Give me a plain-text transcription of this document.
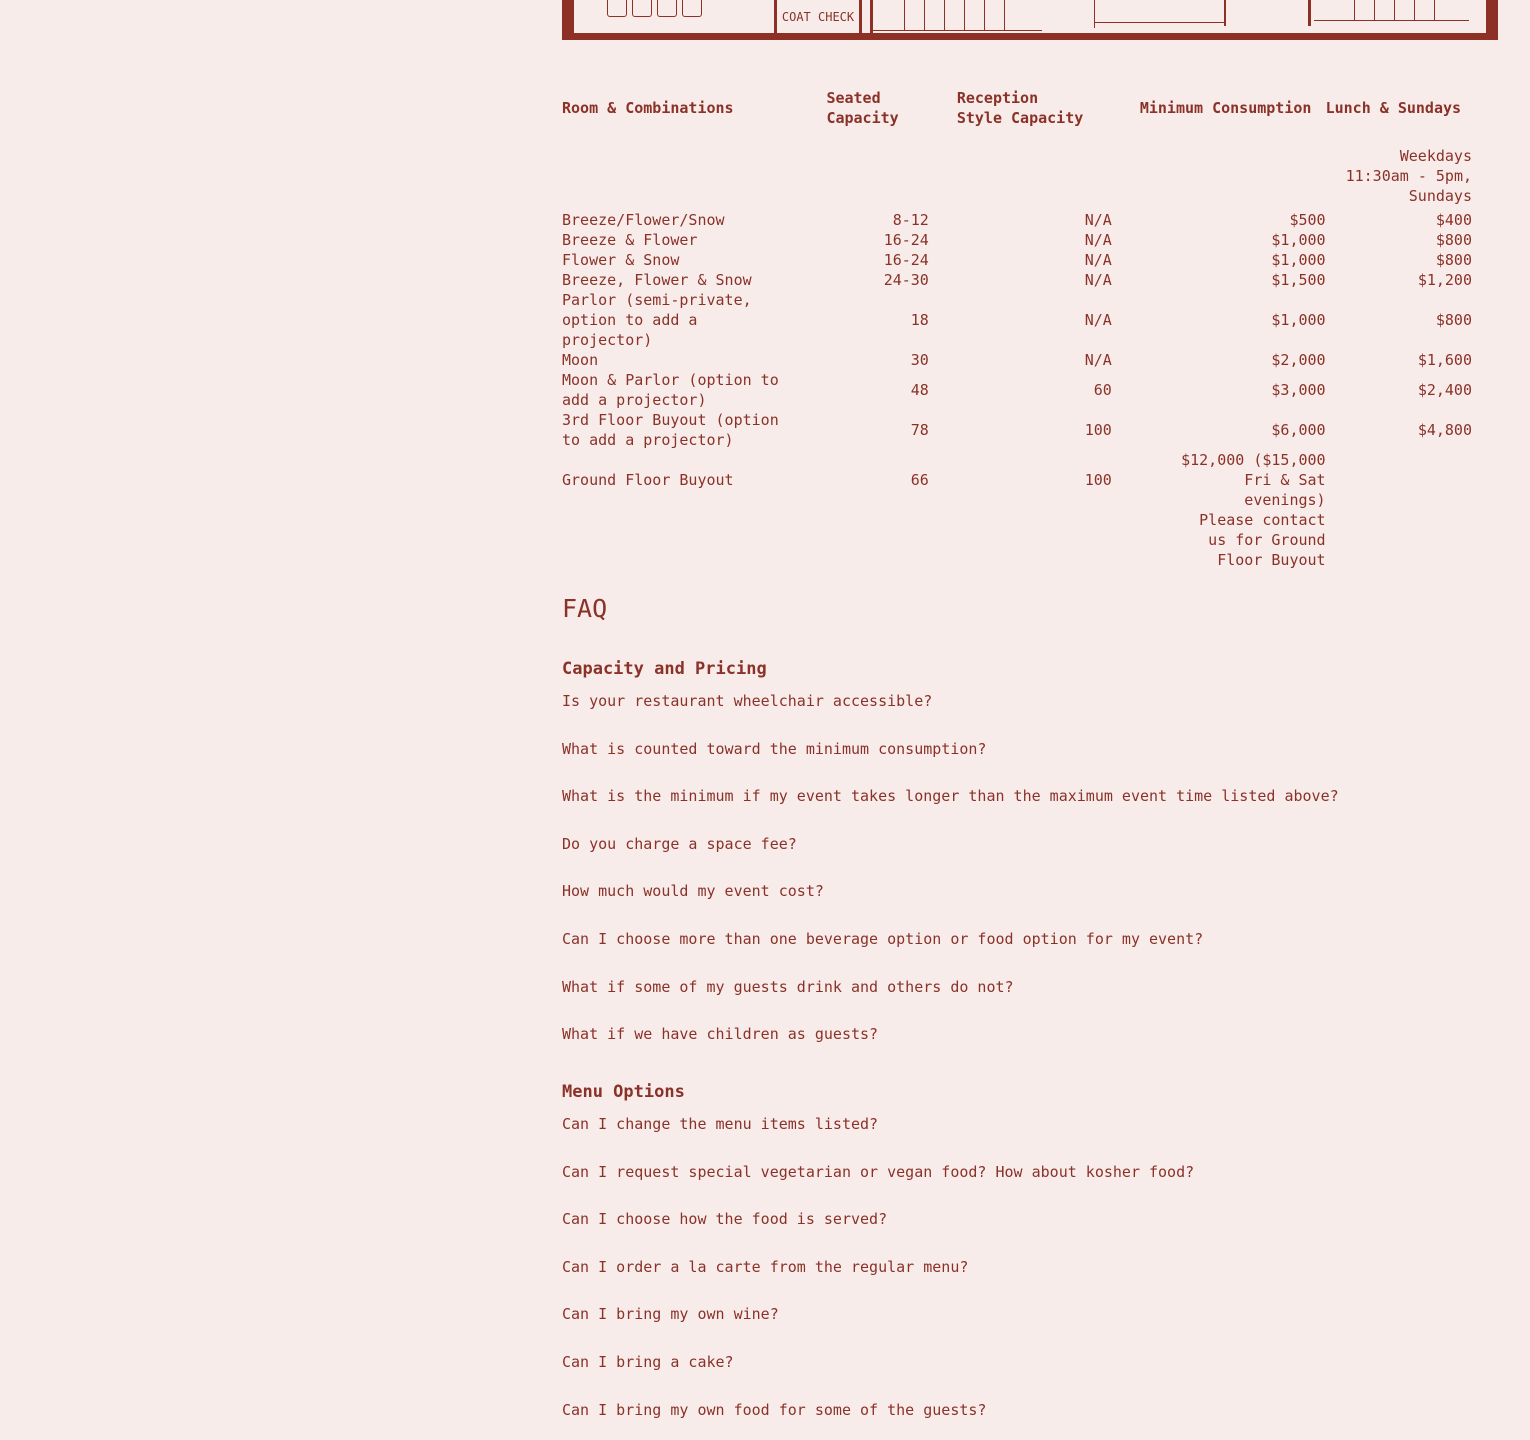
COAT CHECK
Room & Combinations	Seated Capacity	Reception Style Capacity	Minimum Consumption	Lunch & Sundays
				Weekdays 11:30am - 5pm, Sundays
Breeze/Flower/Snow	8-12	N/A	$500	$400
Breeze & Flower	16-24	N/A	$1,000	$800
Flower & Snow	16-24	N/A	$1,000	$800
Breeze, Flower & Snow	24-30	N/A	$1,500	$1,200
Parlor (semi-private, option to add a projector)	18	N/A	$1,000	$800
Moon	30	N/A	$2,000	$1,600
Moon & Parlor (option to add a projector)	48	60	$3,000	$2,400
3rd Floor Buyout (option to add a projector)	78	100	$6,000	$4,800
Ground Floor Buyout	66	100	$12,000 ($15,000 Fri & Sat evenings)	
			Please contact us for Ground Floor Buyout	
FAQ
Capacity and Pricing
Is your restaurant wheelchair accessible?
What is counted toward the minimum consumption?
What is the minimum if my event takes longer than the maximum event time listed above?
Do you charge a space fee?
How much would my event cost?
Can I choose more than one beverage option or food option for my event?
What if some of my guests drink and others do not?
What if we have children as guests?
Menu Options
Can I change the menu items listed?
Can I request special vegetarian or vegan food? How about kosher food?
Can I choose how the food is served?
Can I order a la carte from the regular menu?
Can I bring my own wine?
Can I bring a cake?
Can I bring my own food for some of the guests?
